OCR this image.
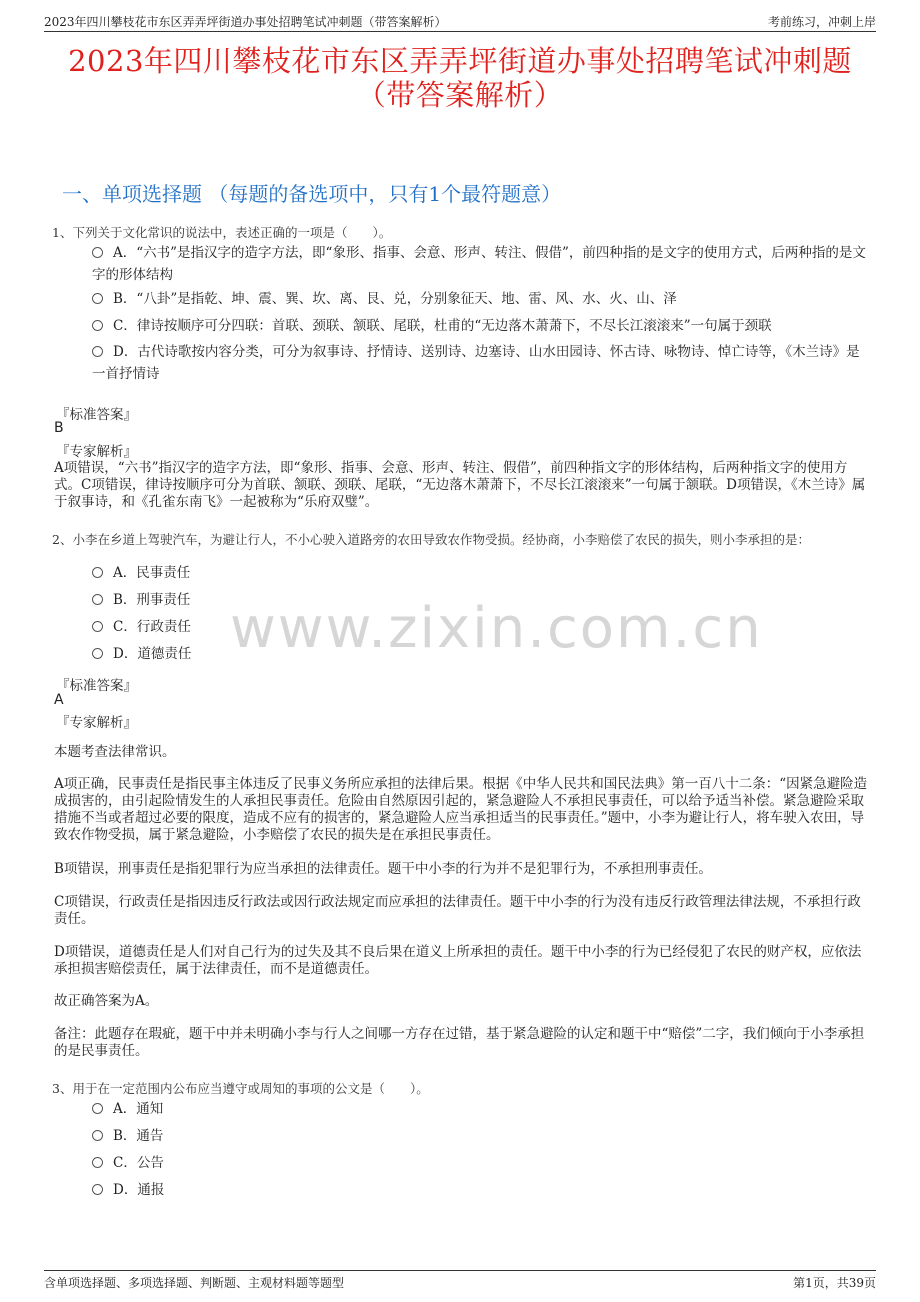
2023年四川攀枝花市东区弄弄坪街道办事处招聘笔试冲刺题（带答案解析）	考前练习，冲刺上岸
2023年四川攀枝花市东区弄弄坪街道办事处招聘笔试冲刺题
（带答案解析）
一、单项选择题 （每题的备选项中，只有1个最符题意）
www.zixin.com.cn
1、下列关于文化常识的说法中，表述正确的一项是（　　）。
A．“六书”是指汉字的造字方法，即“象形、指事、会意、形声、转注、假借”，前四种指的是文字的使用方式，后两种指的是文字的形体结构
B．“八卦”是指乾、坤、震、巽、坎、离、艮、兑，分别象征天、地、雷、风、水、火、山、泽
C．律诗按顺序可分四联：首联、颈联、颔联、尾联，杜甫的“无边落木萧萧下，不尽长江滚滚来”一句属于颈联
D．古代诗歌按内容分类，可分为叙事诗、抒情诗、送别诗、边塞诗、山水田园诗、怀古诗、咏物诗、悼亡诗等，《木兰诗》是一首抒情诗
『标准答案』
B
『专家解析』
A项错误，“六书”指汉字的造字方法，即“象形、指事、会意、形声、转注、假借”，前四种指文字的形体结构，后两种指文字的使用方式。C项错误，律诗按顺序可分为首联、颔联、颈联、尾联，“无边落木萧萧下，不尽长江滚滚来”一句属于颔联。D项错误，《木兰诗》属于叙事诗，和《孔雀东南飞》一起被称为“乐府双璧”。
2、小李在乡道上驾驶汽车，为避让行人，不小心驶入道路旁的农田导致农作物受损。经协商，小李赔偿了农民的损失，则小李承担的是：
A．民事责任
B．刑事责任
C．行政责任
D．道德责任
『标准答案』
A
『专家解析』
本题考查法律常识。
A项正确，民事责任是指民事主体违反了民事义务所应承担的法律后果。根据《中华人民共和国民法典》第一百八十二条：“因紧急避险造成损害的，由引起险情发生的人承担民事责任。危险由自然原因引起的，紧急避险人不承担民事责任，可以给予适当补偿。紧急避险采取措施不当或者超过必要的限度，造成不应有的损害的，紧急避险人应当承担适当的民事责任。”题中，小李为避让行人，将车驶入农田，导致农作物受损，属于紧急避险，小李赔偿了农民的损失是在承担民事责任。
B项错误，刑事责任是指犯罪行为应当承担的法律责任。题干中小李的行为并不是犯罪行为，不承担刑事责任。
C项错误，行政责任是指因违反行政法或因行政法规定而应承担的法律责任。题干中小李的行为没有违反行政管理法律法规，不承担行政责任。
D项错误，道德责任是人们对自己行为的过失及其不良后果在道义上所承担的责任。题干中小李的行为已经侵犯了农民的财产权，应依法承担损害赔偿责任，属于法律责任，而不是道德责任。
故正确答案为A。
备注：此题存在瑕疵，题干中并未明确小李与行人之间哪一方存在过错，基于紧急避险的认定和题干中“赔偿”二字，我们倾向于小李承担的是民事责任。
3、用于在一定范围内公布应当遵守或周知的事项的公文是（　　）。
A．通知
B．通告
C．公告
D．通报
含单项选择题、多项选择题、判断题、主观材料题等题型	第1页，共39页
